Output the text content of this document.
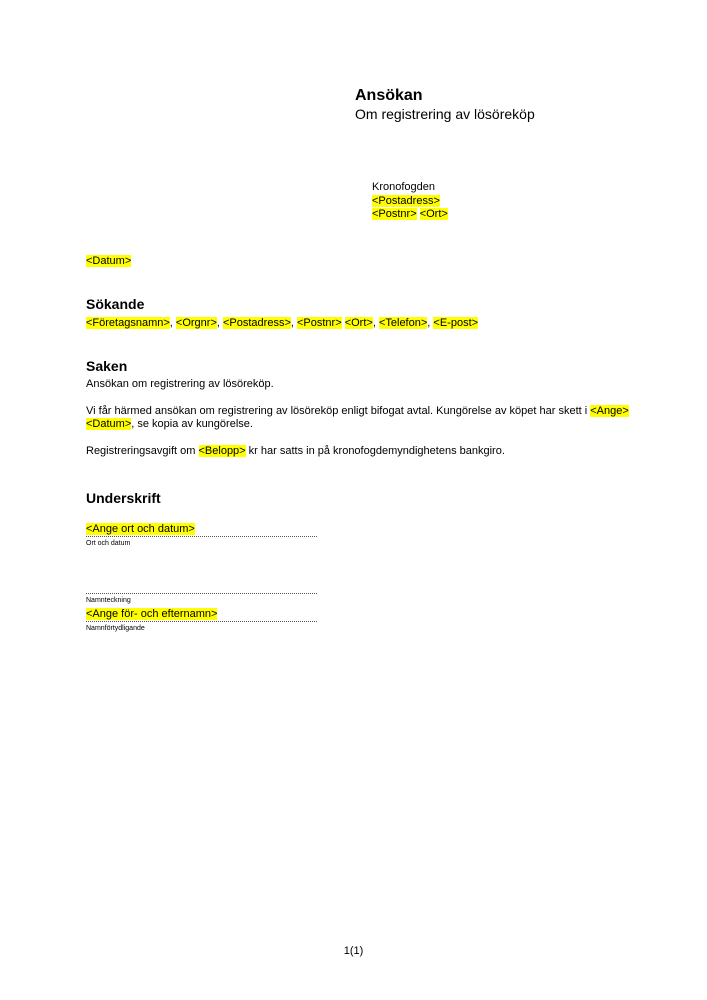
Ansökan
Om registrering av lösöreköp
Kronofogden
<Postadress>
<Postnr> <Ort>
<Datum>
Sökande
<Företagsnamn>, <Orgnr>, <Postadress>, <Postnr> <Ort>, <Telefon>, <E-post>
Saken

Ansökan om registrering av lösöreköp.

Vi får härmed ansökan om registrering av lösöreköp enligt bifogat avtal. Kungörelse av köpet har skett i <Ange> <Datum>, se kopia av kungörelse.

Registreringsavgift om <Belopp> kr har satts in på kronofogdemyndighetens bankgiro.

Underskrift
<Ange ort och datum>
Ort och datum
Namnteckning
<Ange för- och efternamn>
Namnförtydligande
1(1)
